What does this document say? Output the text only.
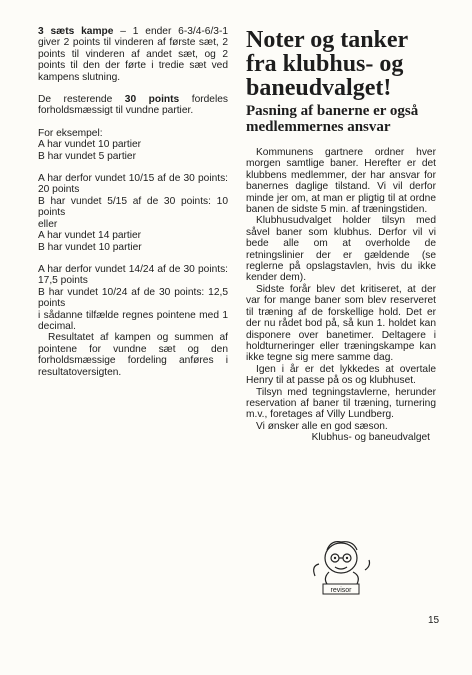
3 sæts kampe – 1 ender 6-3/4-6/3-1 giver 2 points til vinderen af første sæt, 2 points til vinderen af andet sæt, og 2 points til den der førte i tredie sæt ved kampens slutning.

De resterende 30 points fordeles forholdsmæssigt til vundne partier.

For eksempel:

A har vundet 10 partier

B har vundet 5 partier

A har derfor vundet 10/15 af de 30 points: 20 points

B har vundet 5/15 af de 30 points: 10 points

eller

A har vundet 14 partier

B har vundet 10 partier

A har derfor vundet 14/24 af de 30 points: 17,5 points

B har vundet 10/24 af de 30 points: 12,5 points

i sådanne tilfælde regnes pointene med 1 decimal.

Resultatet af kampen og summen af pointene for vundne sæt og den forholdsmæssige fordeling anføres i resultatoversigten.

Noter og tanker fra klubhus- og baneudvalget!
Pasning af banerne er også medlemmernes ansvar

Kommunens gartnere ordner hver morgen samtlige baner. Herefter er det klubbens medlemmer, der har ansvar for banernes daglige tilstand. Vi vil derfor minde jer om, at man er pligtig til at ordne banen de sidste 5 min. af træningstiden.

Klubhusudvalget holder tilsyn med såvel baner som klubhus. Derfor vil vi bede alle om at overholde de retningslinier der er gældende (se reglerne på opslagstavlen, hvis du ikke kender dem).

Sidste forår blev det kritiseret, at der var for mange baner som blev reserveret til træning af de forskellige hold. Det er der nu rådet bod på, så kun 1. holdet kan disponere over banetimer. Deltagere i holdturneringer eller træningskampe kan ikke tegne sig mere samme dag.

Igen i år er det lykkedes at overtale Henry til at passe på os og klubhuset.

Tilsyn med tegningstavlerne, herunder reservation af baner til træning, turnering m.v., foretages af Villy Lundberg.

Vi ønsker alle en god sæson.

Klubhus- og baneudvalget

revisor
15
